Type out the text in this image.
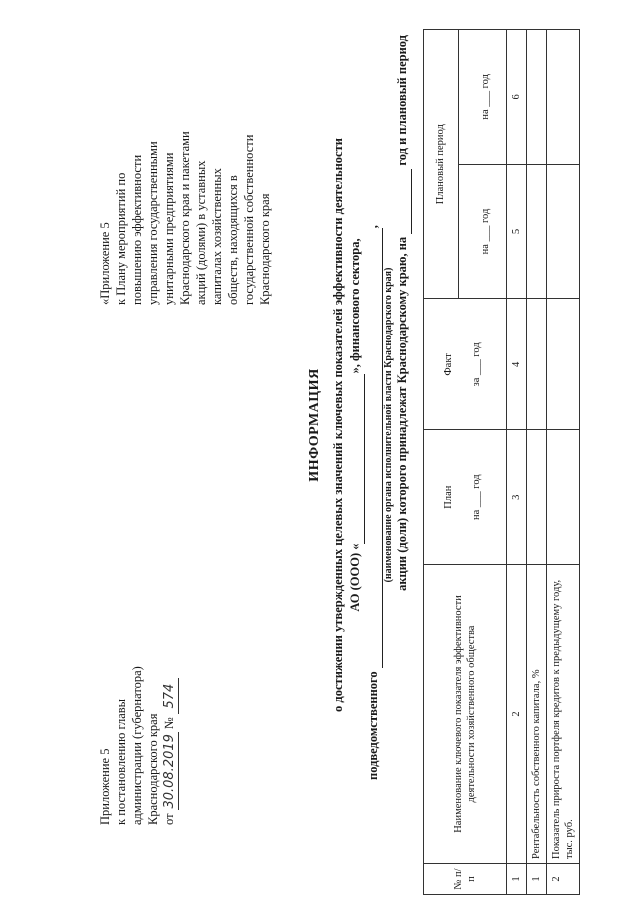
Приложение 5 к постановлению главы администрации (губернатора) Краснодарского края от 30.08.2019 № 574
«Приложение 5 к Плану мероприятий по повышению эффективности управления государственными унитарными предприятиями Краснодарского края и пакетами акций (долями) в уставных капиталах хозяйственных обществ, находящихся в государственной собственности Краснодарского края
ИНФОРМАЦИЯ о достижении утвержденных целевых значений ключевых показателей эффективности деятельности АО (ООО) « », финансового сектора,
подведомственного  ,
(наименование органа исполнительной власти Краснодарского края) акции (доли) которого принадлежат Краснодарскому краю, на   год и плановый период
№ п/п	Наименование ключевого показателя эффективности деятельности хозяйственного общества	План	Факт	Плановый период	
		на ___ год	за ___ год	на ___ год	на ___ год
1	2	3	4	5	6
1	Рентабельность собственного капитала, %				
2	Показатель прироста портфеля кредитов к предыдущему году, тыс. руб.				
